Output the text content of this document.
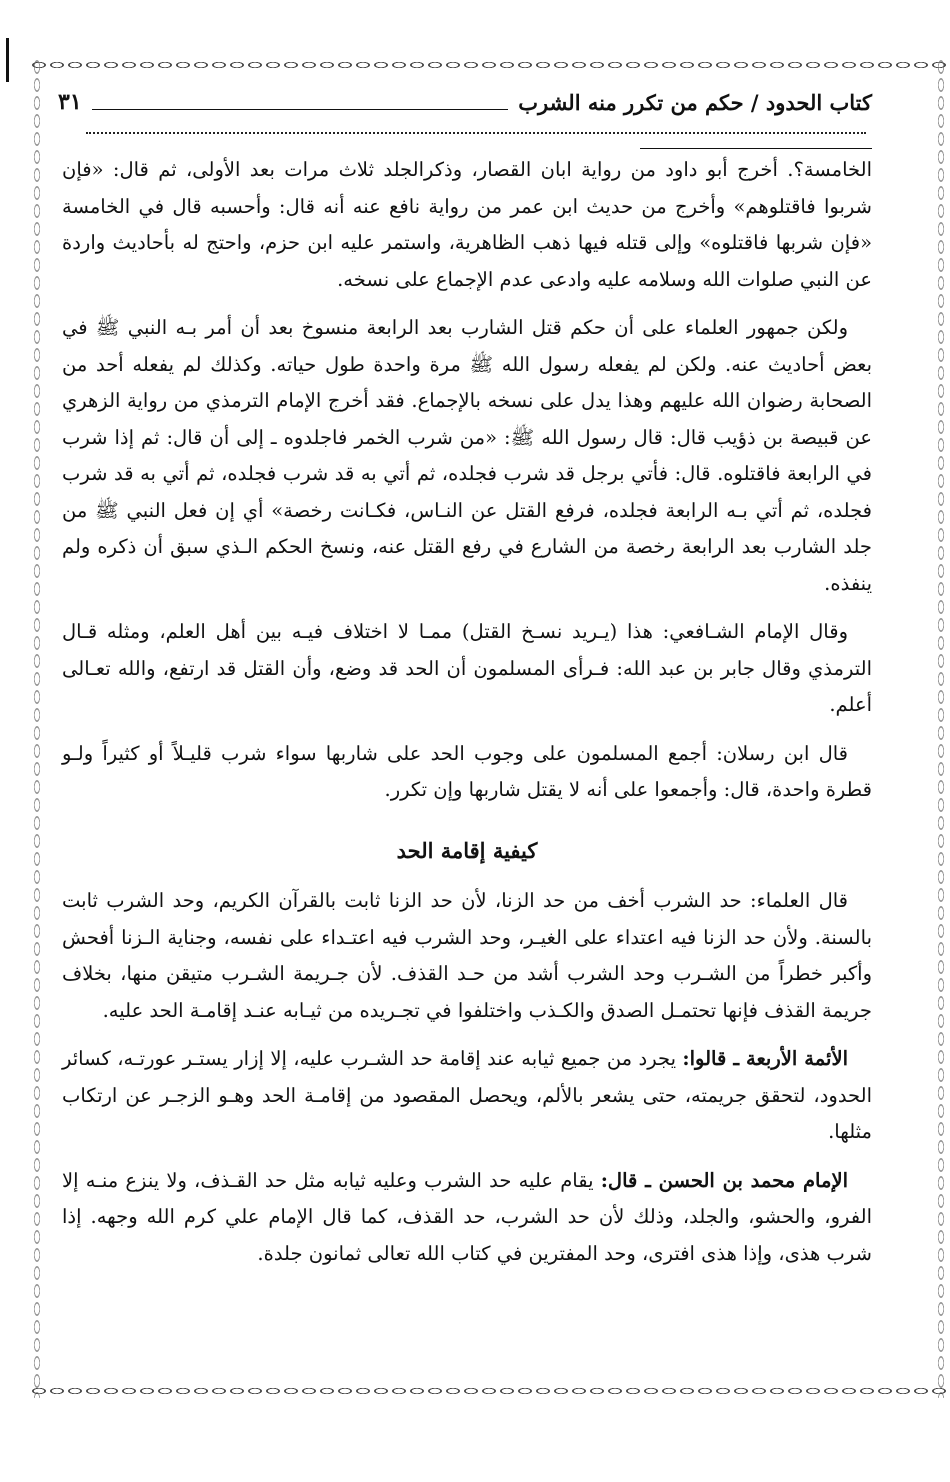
كتاب الحدود / حكم من تكرر منه الشرب
٣١

الخامسة؟. أخرج أبو داود من رواية ابان القصار، وذكرالجلد ثلاث مرات بعد الأولى، ثم قال: «فإن شربوا فاقتلوهم» وأخرج من حديث ابن عمر من رواية نافع عنه أنه قال: وأحسبه قال في الخامسة «فإن شربها فاقتلوه» وإلى قتله فيها ذهب الظاهرية، واستمر عليه ابن حزم، واحتج له بأحاديث واردة عن النبي صلوات الله وسلامه عليه وادعى عدم الإجماع على نسخه.

ولكن جمهور العلماء على أن حكم قتل الشارب بعد الرابعة منسوخ بعد أن أمر بـه النبي ﷺ في بعض أحاديث عنه. ولكن لم يفعله رسول الله ﷺ مرة واحدة طول حياته. وكذلك لم يفعله أحد من الصحابة رضوان الله عليهم وهذا يدل على نسخه بالإجماع. فقد أخرج الإمام الترمذي من رواية الزهري عن قبيصة بن ذؤيب قال: قال رسول الله ﷺ: «من شرب الخمر فاجلدوه ـ إلى أن قال: ثم إذا شرب في الرابعة فاقتلوه. قال: فأتي برجل قد شرب فجلده، ثم أتي به قد شرب فجلده، ثم أتي به قد شرب فجلده، ثم أتي بـه الرابعة فجلده، فرفع القتل عن النـاس، فكـانت رخصة» أي إن فعل النبي ﷺ من جلد الشارب بعد الرابعة رخصة من الشارع في رفع القتل عنه، ونسخ الحكم الـذي سبق أن ذكره ولم ينفذه.

وقال الإمام الشـافعي: هذا (يـريد نسـخ القتل) ممـا لا اختلاف فيـه بين أهل العلم، ومثله قـال الترمذي وقال جابر بن عبد الله: فـرأى المسلمون أن الحد قد وضع، وأن القتل قد ارتفع، والله تعـالى أعلم.

قال ابن رسلان: أجمع المسلمون على وجوب الحد على شاربها سواء شرب قليـلاً أو كثيراً ولـو قطرة واحدة، قال: وأجمعوا على أنه لا يقتل شاربها وإن تكرر.

كيفية إقامة الحد

قال العلماء: حد الشرب أخف من حد الزنا، لأن حد الزنا ثابت بالقرآن الكريم، وحد الشرب ثابت بالسنة. ولأن حد الزنا فيه اعتداء على الغيـر، وحد الشرب فيه اعتـداء على نفسه، وجناية الـزنا أفحش وأكبر خطراً من الشـرب وحد الشرب أشد من حـد القذف. لأن جـريمة الشـرب متيقن منها، بخلاف جريمة القذف فإنها تحتمـل الصدق والكـذب واختلفوا في تجـريده من ثيـابه عنـد إقامـة الحد عليه.

الأئمة الأربعة ـ قالوا: يجرد من جميع ثيابه عند إقامة حد الشـرب عليه، إلا إزار يستـر عورتـه، كسائر الحدود، لتحقق جريمته، حتى يشعر بالألم، ويحصل المقصود من إقامـة الحد وهـو الزجـر عن ارتكاب مثلها.

الإمام محمد بن الحسن ـ قال: يقام عليه حد الشرب وعليه ثيابه مثل حد القـذف، ولا ينزع منـه إلا الفرو، والحشو، والجلد، وذلك لأن حد الشرب، حد القذف، كما قال الإمام علي كرم الله وجهه. إذا شرب هذى، وإذا هذى افترى، وحد المفترين في كتاب الله تعالى ثمانون جلدة.
